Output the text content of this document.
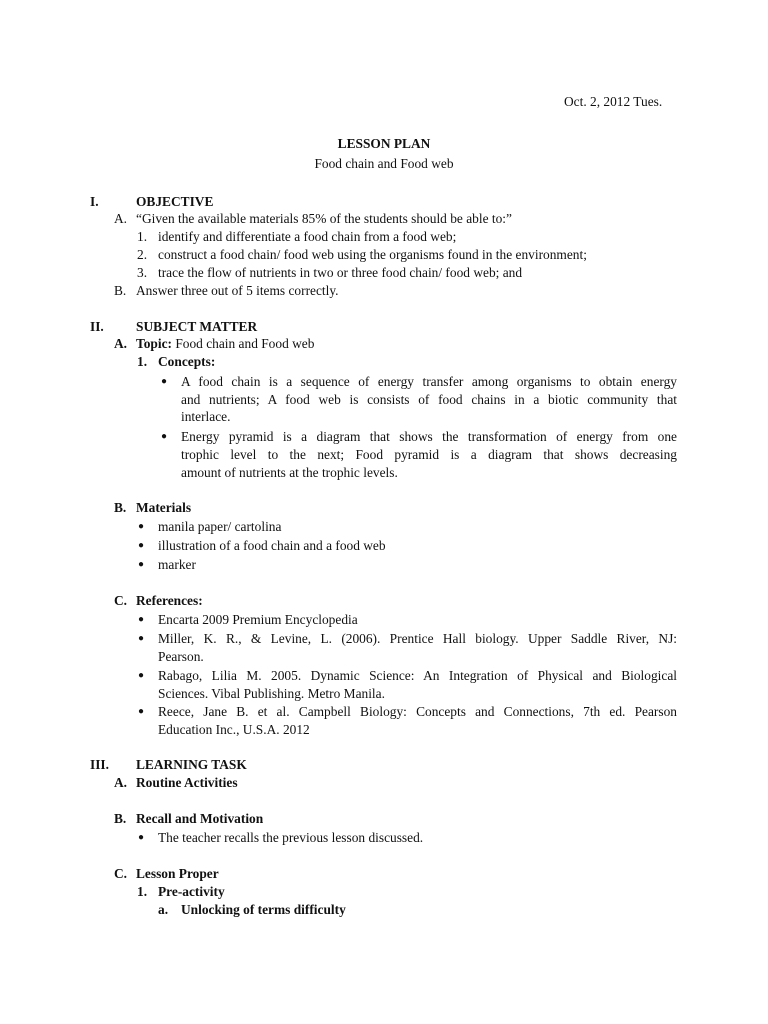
Oct. 2, 2012 Tues.
LESSON PLAN
Food chain and Food web
I.	OBJECTIVE
A. “Given the available materials 85% of the students should be able to:”
1. identify and differentiate a food chain from a food web;
2. construct a food chain/ food web using the organisms found in the environment;
3. trace the flow of nutrients in two or three food chain/ food web; and
B. Answer three out of 5 items correctly.
II. SUBJECT MATTER
A. Topic: Food chain and Food web
1. Concepts:
● A food chain is a sequence of energy transfer among organisms to obtain energy
and nutrients; A food web is consists of food chains in a biotic community that
interlace.
● Energy pyramid is a diagram that shows the transformation of energy from one
trophic level to the next; Food pyramid is a diagram that shows decreasing
amount of nutrients at the trophic levels.
B. Materials
● manila paper/ cartolina
● illustration of a food chain and a food web
● marker
C. References:
● Encarta 2009 Premium Encyclopedia
● Miller, K. R., & Levine, L. (2006). Prentice Hall biology. Upper Saddle River, NJ:
Pearson.
● Rabago, Lilia M. 2005. Dynamic Science: An Integration of Physical and Biological
Sciences. Vibal Publishing. Metro Manila.
● Reece, Jane B. et al. Campbell Biology: Concepts and Connections, 7th ed. Pearson
Education Inc., U.S.A. 2012
III. LEARNING TASK
A. Routine Activities
B. Recall and Motivation
● The teacher recalls the previous lesson discussed.
C. Lesson Proper
1. Pre-activity
a. Unlocking of terms difficulty
